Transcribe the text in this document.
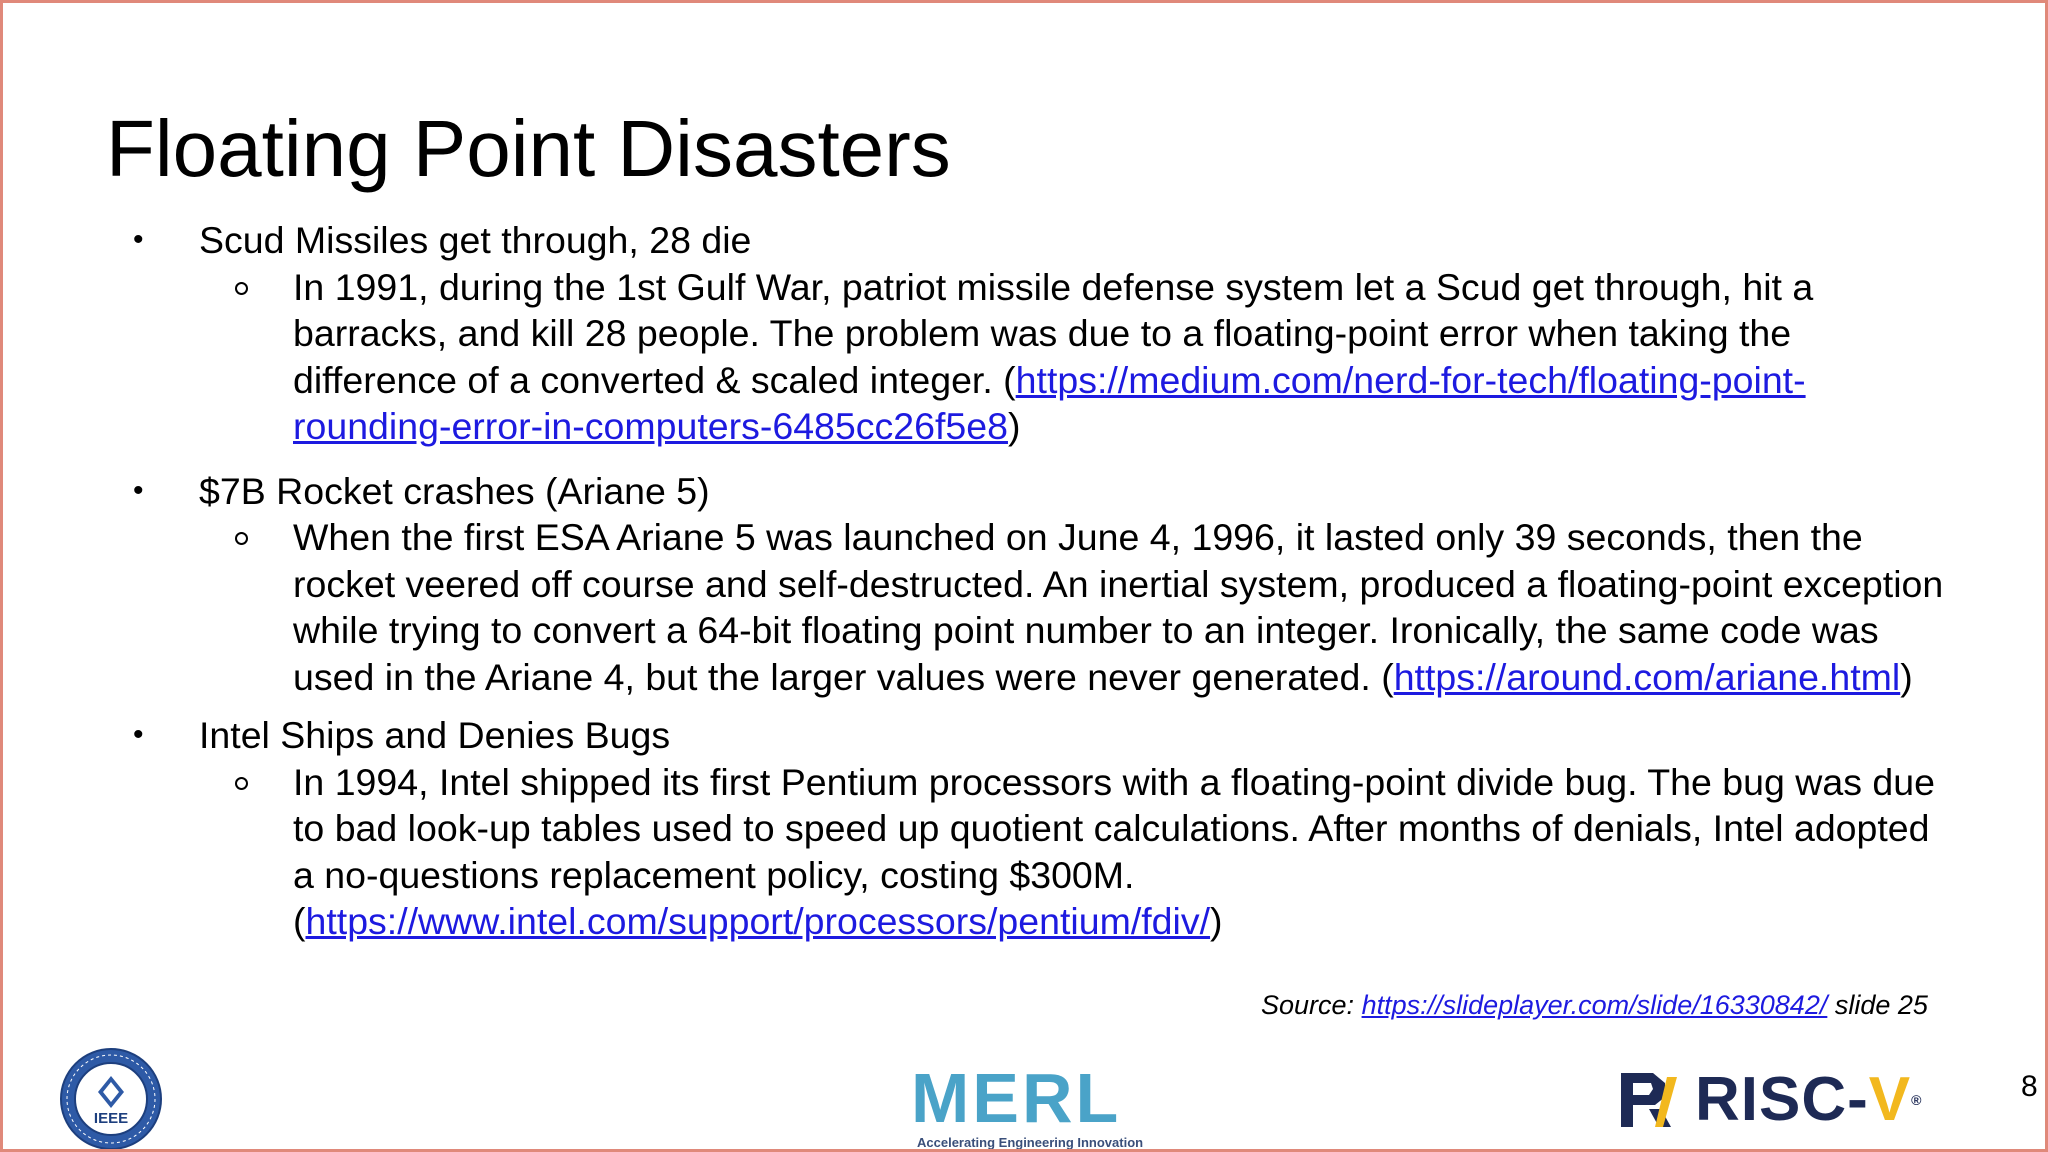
Floating Point Disasters
•	Scud Missiles get through, 28 die
In 1991, during the 1st Gulf War, patriot missile defense system let a Scud get through, hit a barracks, and kill 28 people. The problem was due to a floating-point error when taking the difference of a converted & scaled integer. (https://medium.com/nerd-for-tech/floating-point-rounding-error-in-computers-6485cc26f5e8)
•	$7B Rocket crashes (Ariane 5)
When the first ESA Ariane 5 was launched on June 4, 1996, it lasted only 39 seconds, then the rocket veered off course and self-destructed. An inertial system, produced a floating-point exception while trying to convert a 64-bit floating point number to an integer. Ironically, the same code was used in the Ariane 4, but the larger values were never generated. (https://around.com/ariane.html)
•	Intel Ships and Denies Bugs
In 1994, Intel shipped its first Pentium processors with a floating-point divide bug. The bug was due to bad look-up tables used to speed up quotient calculations. After months of denials, Intel adopted a no-questions replacement policy, costing $300M. (https://www.intel.com/support/processors/pentium/fdiv/)
Source: https://slideplayer.com/slide/16330842/ slide 25
IEEE	MERL
Accelerating Engineering Innovation
RISC-V®	8
